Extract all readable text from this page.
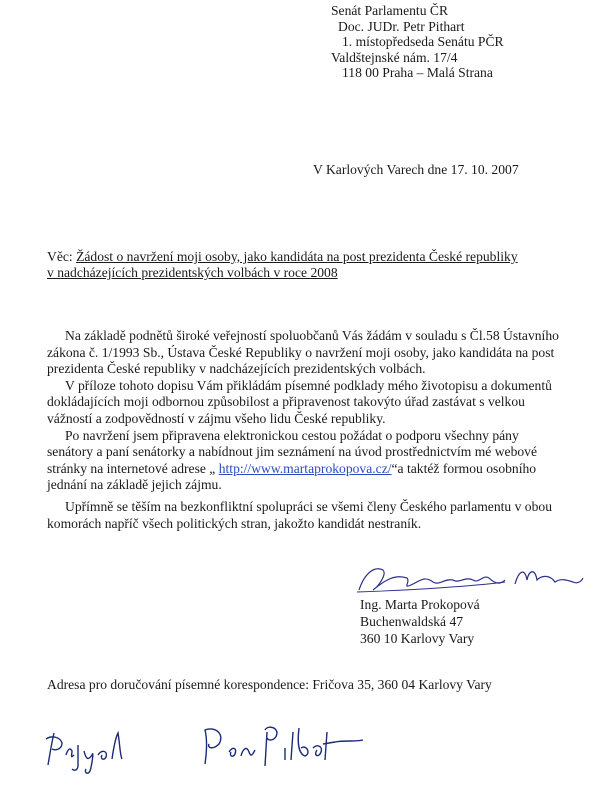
Senát Parlamentu ČR
Doc. JUDr. Petr Pithart
1. místopředseda Senátu PČR
Valdštejnské nám. 17/4
118 00 Praha – Malá Strana
V Karlových Varech dne 17. 10. 2007
Věc: Žádost o navržení moji osoby, jako kandidáta na post prezidenta České republiky
v nadcházejících prezidentských volbách v roce 2008

Na základě podnětů široké veřejností spoluobčanů Vás žádám v souladu s Čl.58 Ústavního

zákona č. 1/1993 Sb., Ústava České Republiky o navržení moji osoby, jako kandidáta na post

prezidenta České republiky v nadcházejících prezidentských volbách.

V příloze tohoto dopisu Vám přikládám písemné podklady mého životopisu a dokumentů

dokládajících moji odbornou způsobilost a připravenost takovýto úřad zastávat s velkou

vážností a zodpovědností v zájmu všeho lidu České republiky.

Po navržení jsem připravena elektronickou cestou požádat o podporu všechny pány

senátory a paní senátorky a nabídnout jim seznámení na úvod prostřednictvím mé webové

stránky na internetové adrese „ http://www.martaprokopova.cz/“a taktéž formou osobního

jednání na základě jejich zájmu.

Upřímně se těším na bezkonfliktní spolupráci se všemi členy Českého parlamentu v obou
komorách napříč všech politických stran, jakožto kandidát nestraník.
Ing. Marta Prokopová
Buchenwaldská 47
360 10 Karlovy Vary
Adresa pro doručování písemné korespondence: Fričova 35, 360 04 Karlovy Vary
